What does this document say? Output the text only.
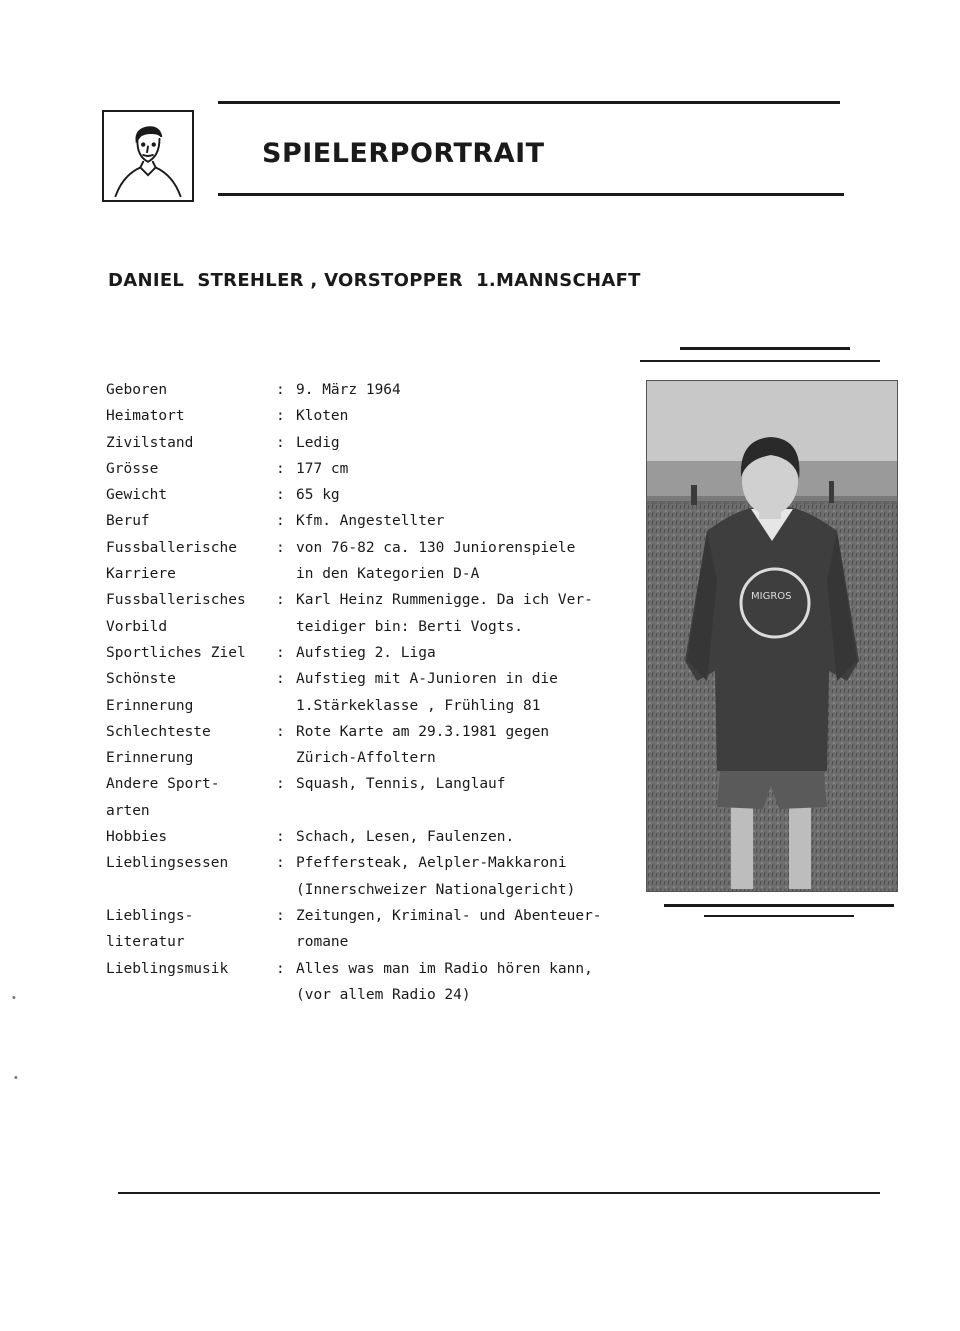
SPIELERPORTRAIT
DANIEL  STREHLER , VORSTOPPER  1.MANNSCHAFT
Geboren	: 9. März 1964
Heimatort	: Kloten
Zivilstand	: Ledig
Grösse	: 177 cm
Gewicht	: 65 kg
Beruf	: Kfm. Angestellter
Fussballerische	: von 76-82 ca. 130 Juniorenspiele
Karriere	in den Kategorien D-A
Fussballerisches : Karl Heinz Rummenigge. Da ich Ver-
Vorbild	teidiger bin: Berti Vogts.
Sportliches Ziel : Aufstieg 2. Liga
Schönste	: Aufstieg mit A-Junioren in die
Erinnerung	1.Stärkeklasse , Frühling 81
Schlechteste	: Rote Karte am 29.3.1981 gegen
Erinnerung	Zürich-Affoltern
Andere Sport-	: Squash, Tennis, Langlauf
arten
Hobbies	: Schach, Lesen, Faulenzen.
Lieblingsessen	: Pfeffersteak, Aelpler-Makkaroni
(Innerschweizer Nationalgericht)
Lieblings-	: Zeitungen, Kriminal- und Abenteuer-
literatur	romane
Lieblingsmusik	: Alles was man im Radio hören kann,
(vor allem Radio 24)
MIGROS
•
•
